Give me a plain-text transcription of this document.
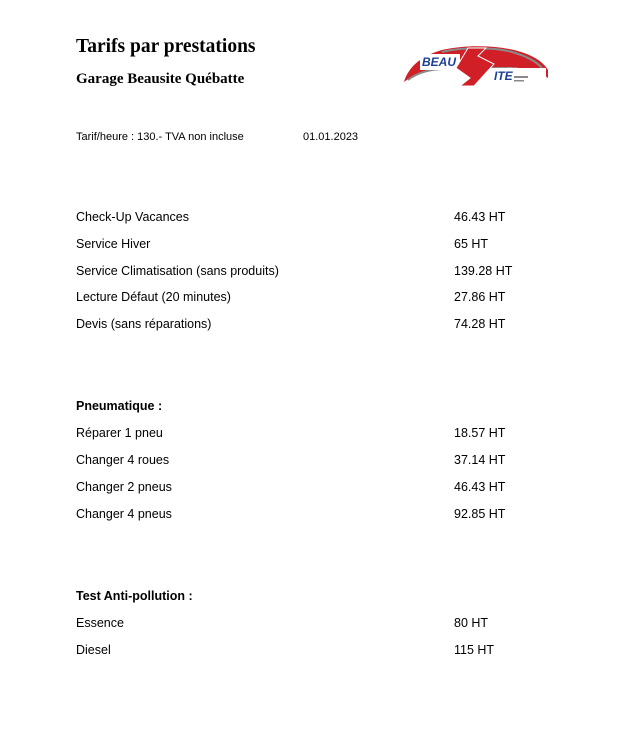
Tarifs par prestations
Garage Beausite Québatte
BEAU
ITE
Tarif/heure : 130.- TVA non incluse	01.01.2023
Check-Up Vacances	46.43 HT
Service Hiver	65 HT
Service Climatisation (sans produits)	139.28 HT
Lecture Défaut (20 minutes)	27.86 HT
Devis (sans réparations)	74.28 HT
Pneumatique :
Réparer 1 pneu	18.57 HT
Changer 4 roues	37.14 HT
Changer 2 pneus	46.43 HT
Changer 4 pneus	92.85 HT
Test Anti-pollution :
Essence	80 HT
Diesel	115 HT
